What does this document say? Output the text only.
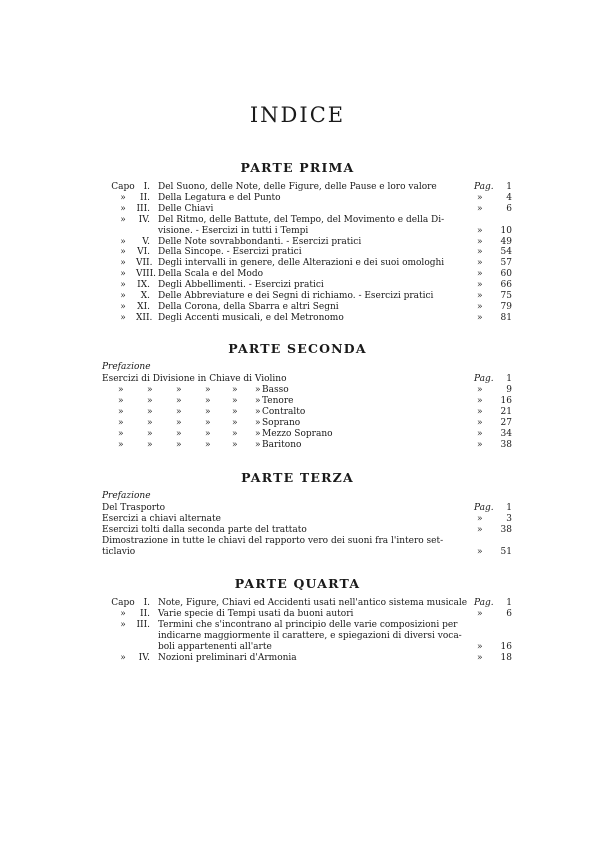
INDICE
PARTE PRIMA
Capo I. Del Suono, delle Note, delle Figure, delle Pause e loro valore	Pag.	1
»	II. Della Legatura e del Punto	»	4
»	III. Delle Chiavi	»	6
»	IV. Del Ritmo, delle Battute, del Tempo, del Movimento e della Di-
visione. - Esercizi in tutti i Tempi	»	10
»	V. Delle Note sovrabbondanti. - Esercizi pratici	»	49
»	VI. Della Sincope. - Esercizi pratici	»	54
»	VII. Degli intervalli in genere, delle Alterazioni e dei suoi omologhi	»	57
»	VIII. Della Scala e del Modo	»	60
»	IX. Degli Abbellimenti. - Esercizi pratici	»	66
»	X. Delle Abbreviature e dei Segni di richiamo. - Esercizi pratici	»	75
»	XI. Della Corona, della Sbarra e altri Segni	»	79
»	XII. Degli Accenti musicali, e del Metronomo	»	81
PARTE SECONDA
Prefazione
Esercizi di Divisione in Chiave di Violino	Pag.	1
»	»	»	» » » Basso	»	9
»	»	»	» » » Tenore	»	16
»	»	»	» » » Contralto	»	21
»	»	»	» » » Soprano	»	27
»	»	»	» » » Mezzo Soprano	»	34
»	»	»	» » » Baritono	»	38
PARTE TERZA
Prefazione
Del Trasporto	Pag.	1
Esercizi a chiavi alternate	»	3
Esercizi tolti dalla seconda parte del trattato	»	38
Dimostrazione in tutte le chiavi del rapporto vero dei suoni fra l'intero set-
ticlavio	»	51
PARTE QUARTA
Capo I. Note, Figure, Chiavi ed Accidenti usati nell'antico sistema musicale Pag.	1
»	II. Varie specie di Tempi usati da buoni autori	»	6
»	III. Termini che s'incontrano al principio delle varie composizioni per
indicarne maggiormente il carattere, e spiegazioni di diversi voca-
boli appartenenti all'arte	»	16
»	IV. Nozioni preliminari d'Armonia	»	18
